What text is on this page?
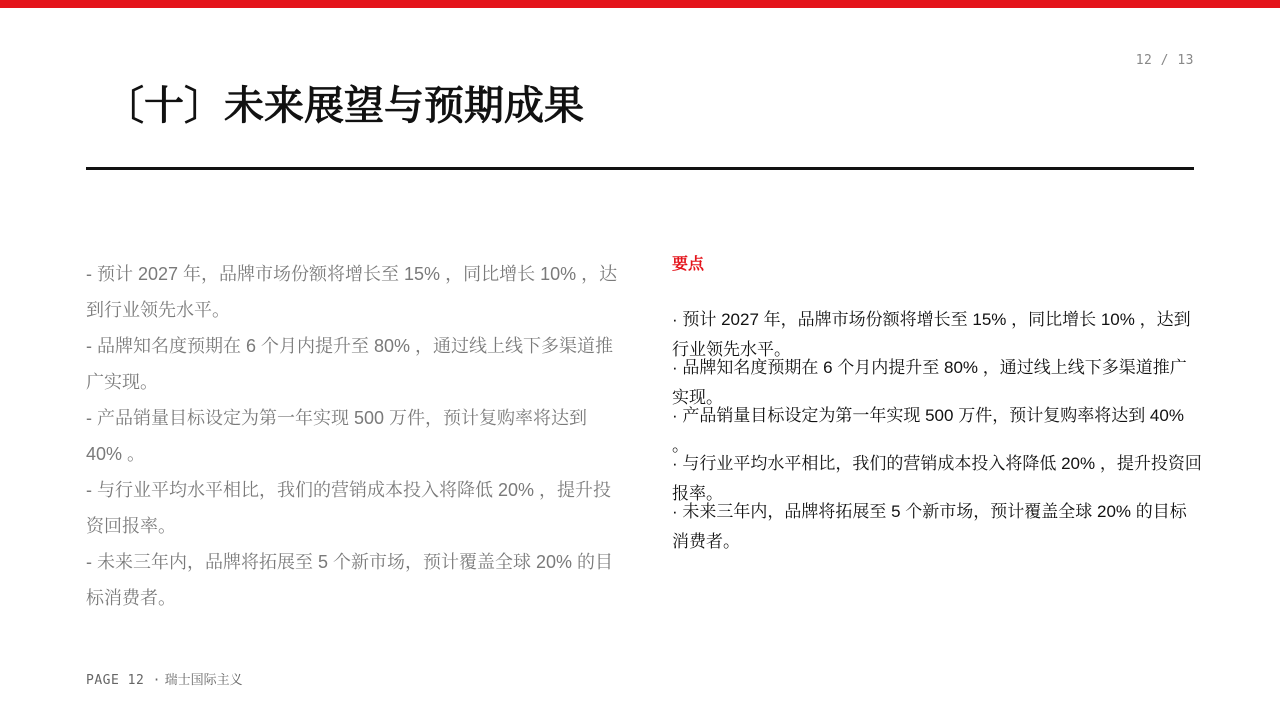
12 / 13
〔十〕未来展望与预期成果

- 预计 2027 年，品牌市场份额将增长至 15% ，同比增长 10% ，达到行业领先水平。

- 品牌知名度预期在 6 个月内提升至 80% ，通过线上线下多渠道推广实现。

- 产品销量目标设定为第一年实现 500 万件，预计复购率将达到 40% 。

- 与行业平均水平相比，我们的营销成本投入将降低 20% ，提升投资回报率。

- 未来三年内，品牌将拓展至 5 个新市场，预计覆盖全球 20% 的目标消费者。

要点
· 预计 2027 年，品牌市场份额将增长至 15% ，同比增长 10% ，达到行业领先水平。
· 品牌知名度预期在 6 个月内提升至 80% ，通过线上线下多渠道推广实现。
· 产品销量目标设定为第一年实现 500 万件，预计复购率将达到 40% 。
· 与行业平均水平相比，我们的营销成本投入将降低 20% ，提升投资回报率。
· 未来三年内，品牌将拓展至 5 个新市场，预计覆盖全球 20% 的目标消费者。
PAGE 12 · 瑞士国际主义
